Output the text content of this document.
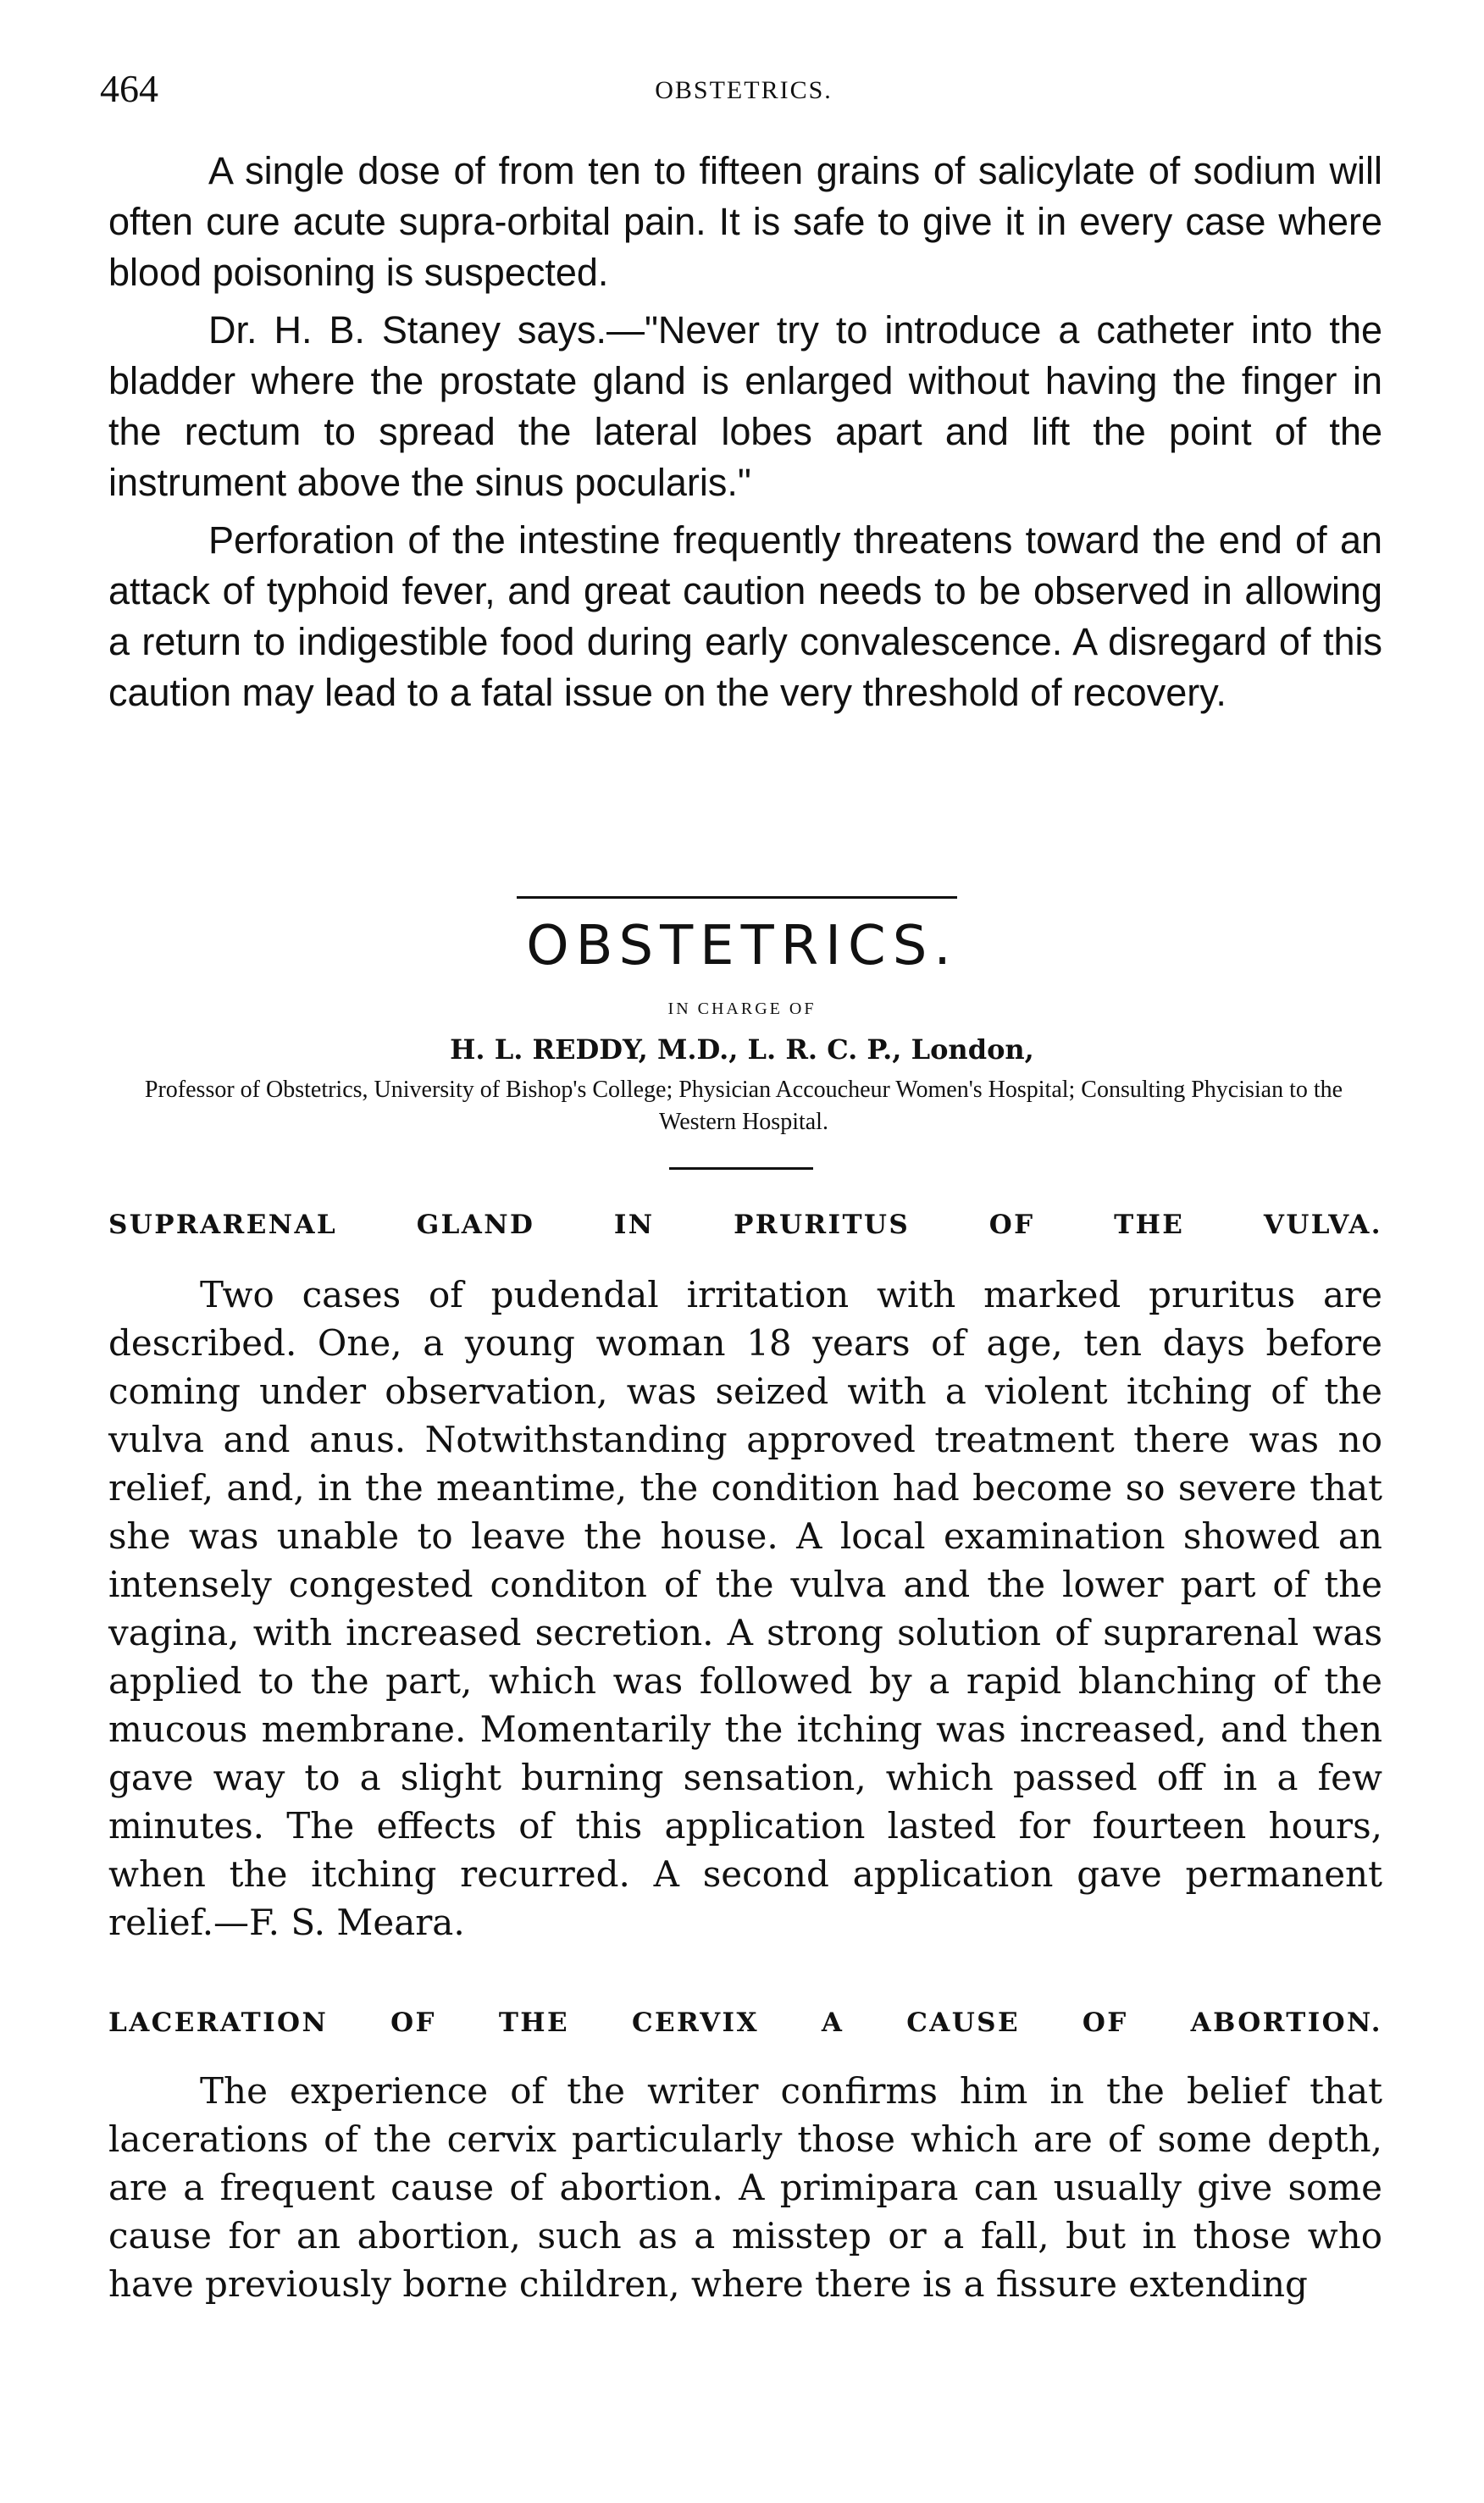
464	OBSTETRICS.

A single dose of from ten to fifteen grains of salicylate of sodium will often cure acute supra-orbital pain. It is safe to give it in every case where blood poisoning is suspected.

Dr. H. B. Staney says.—"Never try to introduce a catheter into the bladder where the prostate gland is enlarged without having the finger in the rectum to spread the lateral lobes apart and lift the point of the instrument above the sinus pocularis."

Perforation of the intestine frequently threatens toward the end of an attack of typhoid fever, and great caution needs to be observed in allowing a return to indigestible food during early convalescence. A disregard of this caution may lead to a fatal issue on the very threshold of recovery.

OBSTETRICS.
IN CHARGE OF
H. L. REDDY, M.D., L. R. C. P., London,
Professor of Obstetrics, University of Bishop's College; Physician Accoucheur Women's Hospital; Consulting Phycisian to the Western Hospital.
SUPRARENAL GLAND IN PRURITUS OF THE VULVA.

Two cases of pudendal irritation with marked pruritus are described. One, a young woman 18 years of age, ten days before coming under observation, was seized with a violent itching of the vulva and anus. Notwithstanding approved treatment there was no relief, and, in the meantime, the condition had become so severe that she was unable to leave the house. A local examination showed an intensely congested conditon of the vulva and the lower part of the vagina, with increased secretion. A strong solution of suprarenal was applied to the part, which was followed by a rapid blanching of the mucous membrane. Momentarily the itching was increased, and then gave way to a slight burning sensation, which passed off in a few minutes. The effects of this application lasted for fourteen hours, when the itching recurred. A second application gave permanent relief.—F. S. Meara.

LACERATION OF THE CERVIX A CAUSE OF ABORTION.

The experience of the writer confirms him in the belief that lacerations of the cervix particularly those which are of some depth, are a frequent cause of abortion. A primipara can usually give some cause for an abortion, such as a misstep or a fall, but in those who have previously borne children, where there is a fissure extending
